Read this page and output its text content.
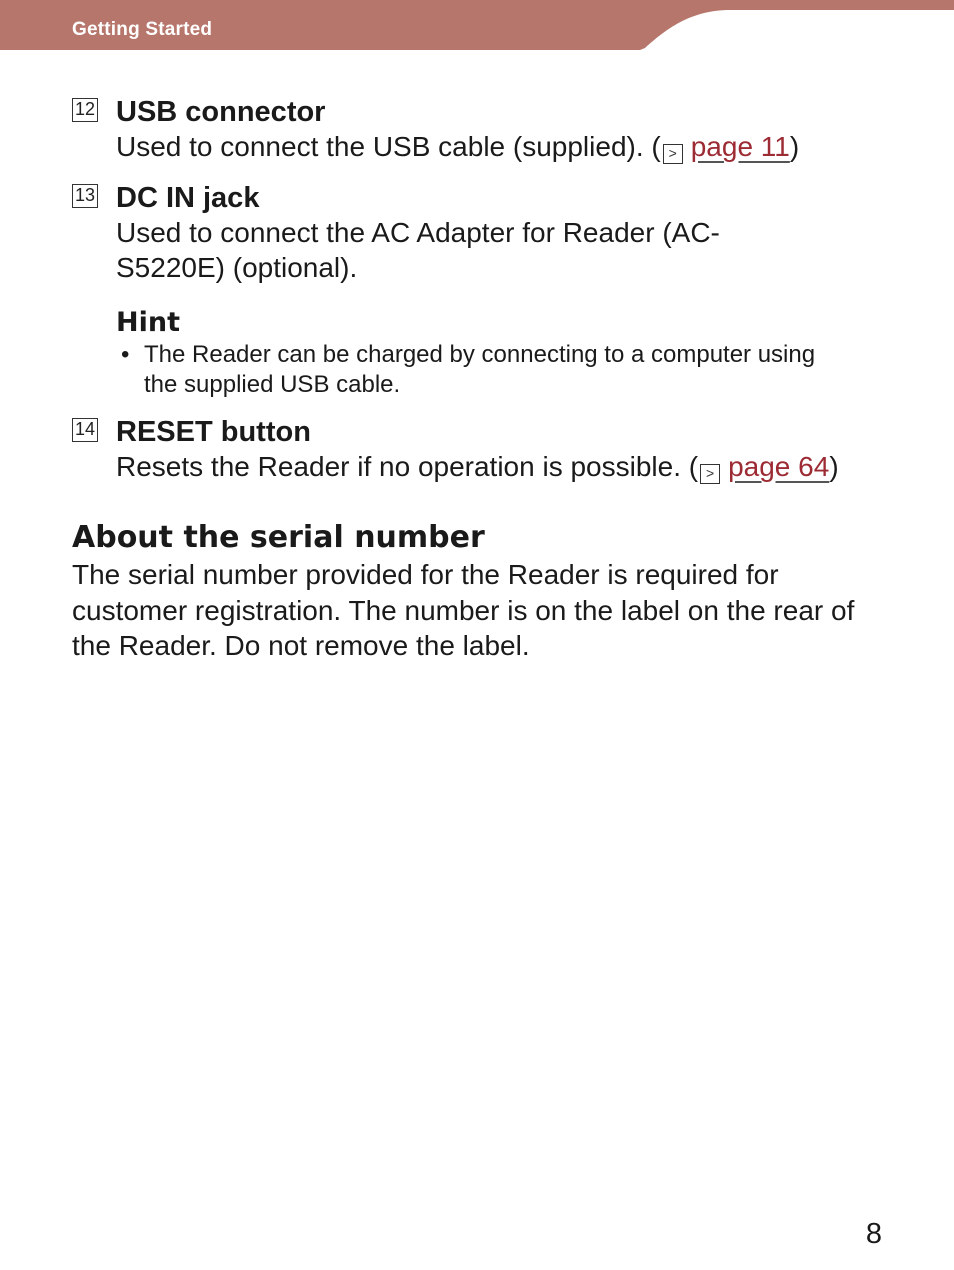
Getting Started
12 USB connector
Used to connect the USB cable (supplied). ( > page 11)
13 DC IN jack
Used to connect the AC Adapter for Reader (AC-S5220E) (optional).
Hint
• The Reader can be charged by connecting to a computer using the supplied USB cable.
14 RESET button
Resets the Reader if no operation is possible. ( > page 64)
About the serial number
The serial number provided for the Reader is required for customer registration. The number is on the label on the rear of the Reader. Do not remove the label.
8
